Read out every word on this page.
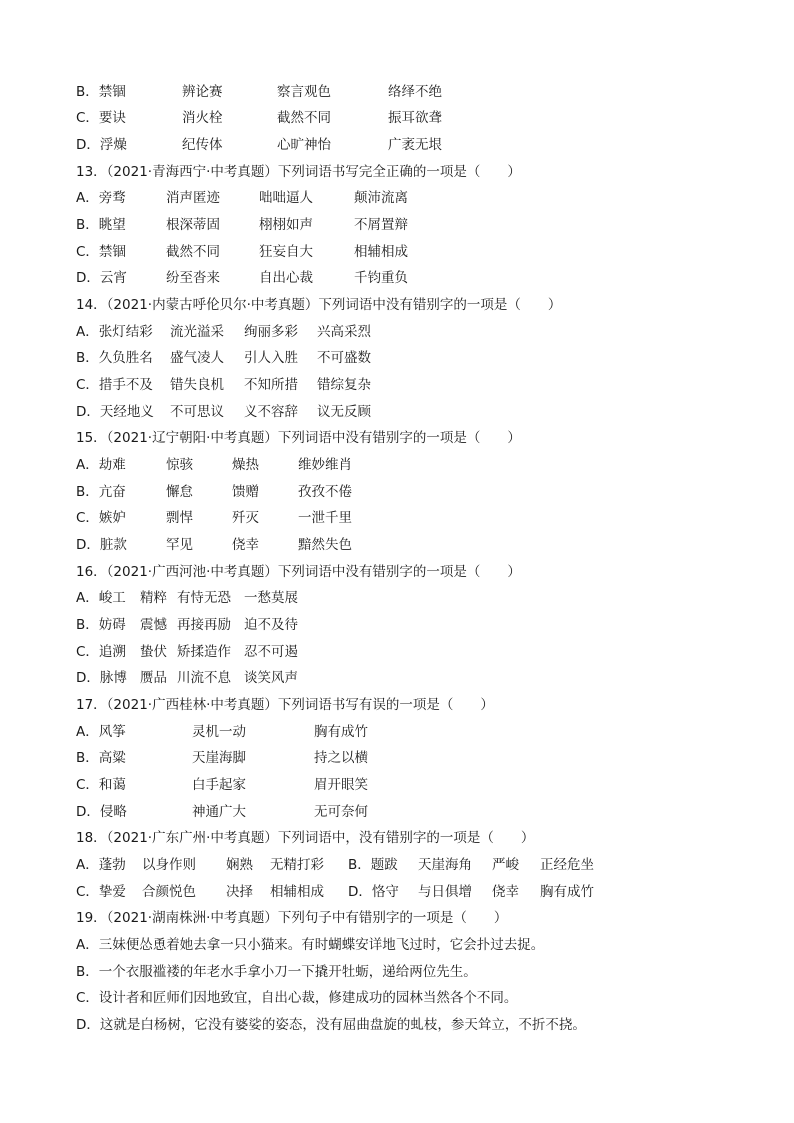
B．禁锢	辨论赛	察言观色	络绎不绝
C．要诀	消火栓	截然不同	振耳欲聋
D．浮燥	纪传体	心旷神怡	广袤无垠
13．（2021·青海西宁·中考真题）下列词语书写完全正确的一项是（　　）
A．旁骛	消声匿迹	咄咄逼人	颠沛流离
B．眺望	根深蒂固	栩栩如声	不屑置辩
C．禁锢	截然不同	狂妄自大	相辅相成
D．云宵	纷至沓来	自出心裁	千钧重负
14．（2021·内蒙古呼伦贝尔·中考真题）下列词语中没有错别字的一项是（　　）
A．张灯结彩 流光溢采 绚丽多彩 兴高采烈
B．久负胜名 盛气凌人 引人入胜 不可盛数
C．措手不及 错失良机 不知所措 错综复杂
D．天经地义 不可思议 义不容辞 议无反顾
15．（2021·辽宁朝阳·中考真题）下列词语中没有错别字的一项是（　　）
A．劫难	惊骇	燥热	维妙维肖
B．亢奋	懈怠	馈赠	孜孜不倦
C．嫉妒	剽悍	歼灭	一泄千里
D．脏款	罕见	侥幸	黯然失色
16．（2021·广西河池·中考真题）下列词语中没有错别字的一项是（　　）
A．峻工 精粹 有恃无恐 一愁莫展
B．妨碍 震憾 再接再励 迫不及待
C．追溯 蛰伏 矫揉造作 忍不可遏
D．脉博 赝品 川流不息 谈笑风声
17．（2021·广西桂林·中考真题）下列词语书写有误的一项是（　　）
A．风筝	灵机一动	胸有成竹
B．高粱	天崖海脚	持之以横
C．和蔼	白手起家	眉开眼笑
D．侵略	神通广大	无可奈何
18．（2021·广东广州·中考真题）下列词语中，没有错别字的一项是（　　）
A．蓬勃 以身作则 娴熟 无精打彩 B．题跋 天崖海角 严峻 正经危坐
C．挚爱 合颜悦色 决择 相辅相成 D．恪守 与日俱增 侥幸 胸有成竹
19．（2021·湖南株洲·中考真题）下列句子中有错别字的一项是（　　）
A．三妹便怂恿着她去拿一只小猫来。有时蝴蝶安详地飞过时，它会扑过去捉。
B．一个衣服褴褛的年老水手拿小刀一下撬开牡蛎，递给两位先生。
C．设计者和匠师们因地致宜，自出心裁，修建成功的园林当然各个不同。
D．这就是白杨树，它没有婆娑的姿态，没有屈曲盘旋的虬枝，参天耸立，不折不挠。
